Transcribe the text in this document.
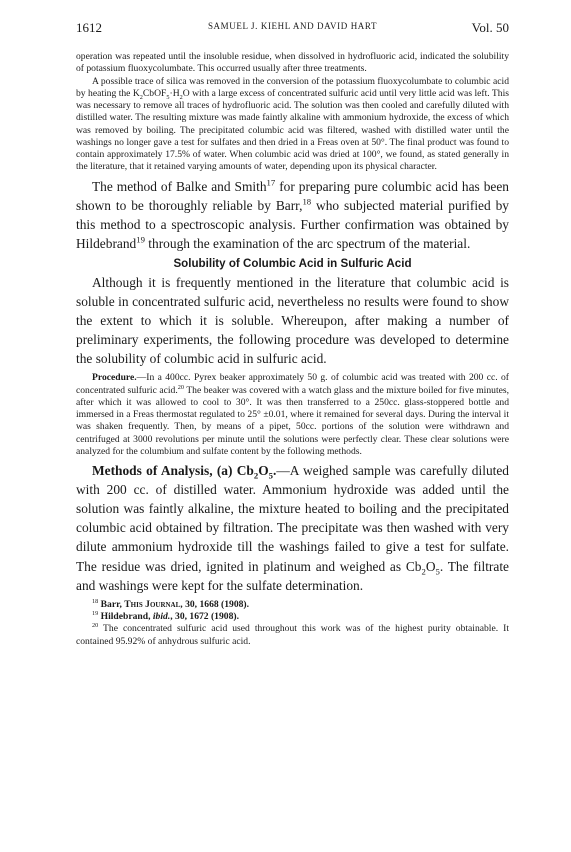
1612	SAMUEL J. KIEHL AND DAVID HART	Vol. 50

operation was repeated until the insoluble residue, when dissolved in hydrofluoric acid, indicated the solubility of potassium fluoxycolumbate. This occurred usually after three treatments.

A possible trace of silica was removed in the conversion of the potassium fluoxycolumbate to columbic acid by heating the $K_2CbOF_5\cdot H_2O$ with a large excess of concentrated sulfuric acid until very little acid was left. This was necessary to remove all traces of hydrofluoric acid. The solution was then cooled and carefully diluted with distilled water. The resulting mixture was made faintly alkaline with ammonium hydroxide, the excess of which was removed by boiling. The precipitated columbic acid was filtered, washed with distilled water until the washings no longer gave a test for sulfates and then dried in a Freas oven at 50°. The final product was found to contain approximately 17.5% of water. When columbic acid was dried at 100°, we found, as stated generally in the literature, that it retained varying amounts of water, depending upon its physical character.

The method of Balke and Smith$^{17}$ for preparing pure columbic acid has been shown to be thoroughly reliable by Barr,$^{18}$ who subjected material purified by this method to a spectroscopic analysis. Further confirmation was obtained by Hildebrand$^{19}$ through the examination of the arc spectrum of the material.

Solubility of Columbic Acid in Sulfuric Acid

Although it is frequently mentioned in the literature that columbic acid is soluble in concentrated sulfuric acid, nevertheless no results were found to show the extent to which it is soluble. Whereupon, after making a number of preliminary experiments, the following procedure was developed to determine the solubility of columbic acid in sulfuric acid.

Procedure.—In a 400cc. Pyrex beaker approximately 50 g. of columbic acid was treated with 200 cc. of concentrated sulfuric acid.$^{20}$ The beaker was covered with a watch glass and the mixture boiled for five minutes, after which it was allowed to cool to 30°. It was then transferred to a 250cc. glass-stoppered bottle and immersed in a Freas thermostat regulated to 25° ±0.01, where it remained for several days. During the interval it was shaken frequently. Then, by means of a pipet, 50cc. portions of the solution were withdrawn and centrifuged at 3000 revolutions per minute until the solutions were perfectly clear. These clear solutions were analyzed for the columbium and sulfate content by the following methods.

Methods of Analysis, (a) $Cb_2O_5.—A$ weighed sample was carefully diluted with 200 cc. of distilled water. Ammonium hydroxide was added until the solution was faintly alkaline, the mixture heated to boiling and the precipitated columbic acid obtained by filtration. The precipitate was then washed with very dilute ammonium hydroxide till the washings failed to give a test for sulfate. The residue was dried, ignited in platinum and weighed as $Cb_2O_5$. The filtrate and washings were kept for the sulfate determination.

$^{18}$ Barr, This Journal, 30, 1668 (1908).

$^{19}$ Hildebrand, ibid., 30, 1672 (1908).

$^{20}$ The concentrated sulfuric acid used throughout this work was of the highest purity obtainable. It contained 95.92% of anhydrous sulfuric acid.
